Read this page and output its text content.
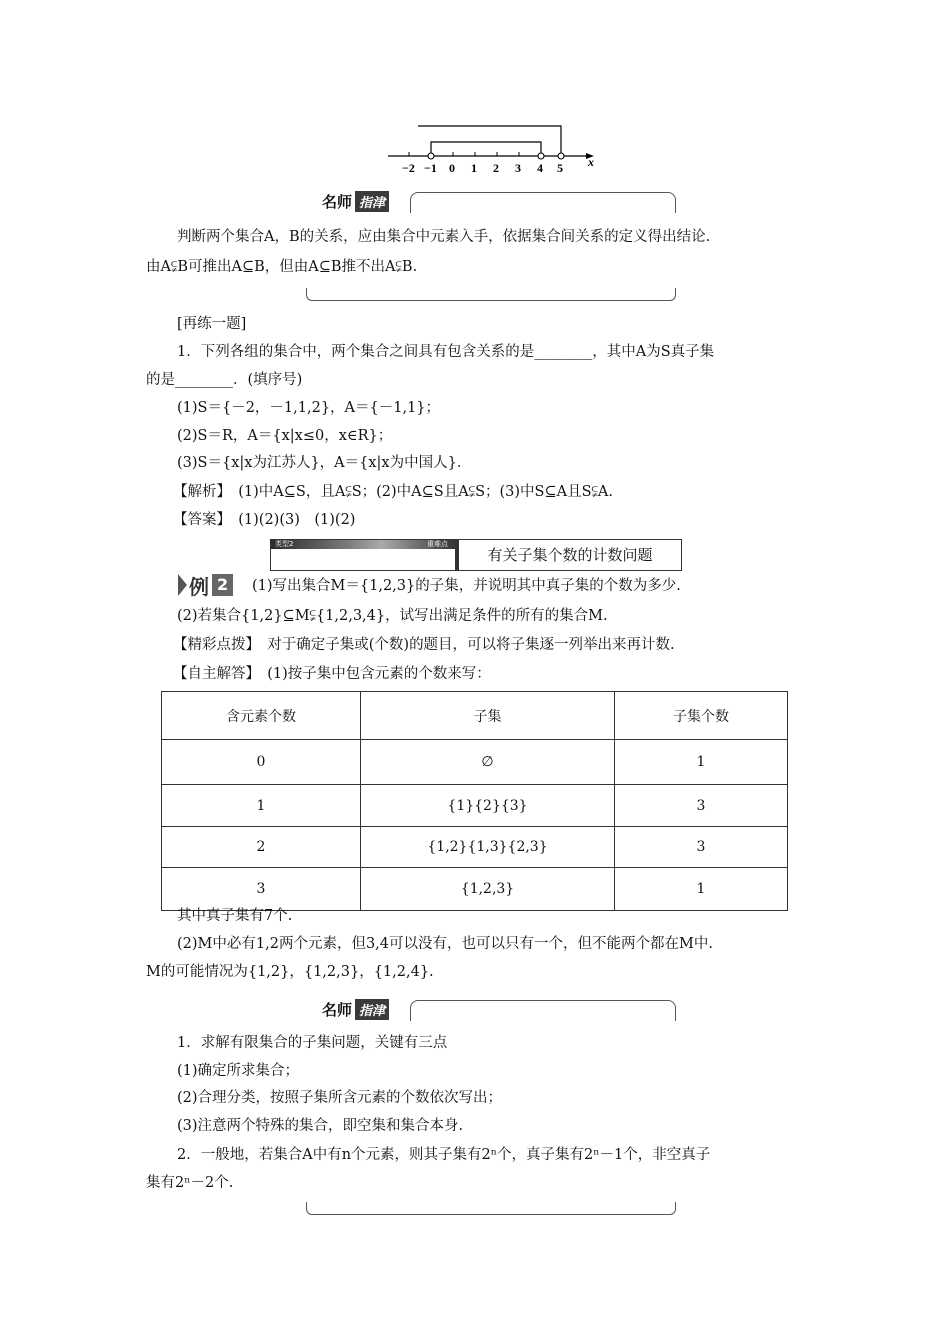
−2 −1 0 1 2 3 4 5 x
名师 指津
判断两个集合A，B的关系，应由集合中元素入手，依据集合间关系的定义得出结论.
由A⫋B可推出A⊆B，但由A⊆B推不出A⫋B.
[再练一题]
1．下列各组的集合中，两个集合之间具有包含关系的是________，其中A为S真子集
的是________．(填序号)
(1)S＝{－2，－1,1,2}，A＝{－1,1}；
(2)S＝R，A＝{x|x≤0，x∈R}；
(3)S＝{x|x为江苏人}，A＝{x|x为中国人}．
【解析】　(1)中A⊆S，且A⫋S；(2)中A⊆S且A⫋S；(3)中S⊆A且S⫋A.
【答案】　(1)(2)(3)　(1)(2)
类型2	重难点
有关子集个数的计数问题
例 2	(1)写出集合M＝{1,2,3}的子集，并说明其中真子集的个数为多少.
(2)若集合{1,2}⊆M⫋{1,2,3,4}，试写出满足条件的所有的集合M.
【精彩点拨】　对于确定子集或(个数)的题目，可以将子集逐一列举出来再计数.
【自主解答】　(1)按子集中包含元素的个数来写：
含元素个数	子集	子集个数
0	∅	1
1	{1}{2}{3}	3
2	{1,2}{1,3}{2,3}	3
3	{1,2,3}	1
其中真子集有7个.
(2)M中必有1,2两个元素，但3,4可以没有，也可以只有一个，但不能两个都在M中.
M的可能情况为{1,2}，{1,2,3}，{1,2,4}.
名师 指津
1．求解有限集合的子集问题，关键有三点
(1)确定所求集合；
(2)合理分类，按照子集所含元素的个数依次写出；
(3)注意两个特殊的集合，即空集和集合本身.
2．一般地，若集合A中有n个元素，则其子集有2ⁿ个，真子集有2ⁿ－1个，非空真子
集有2ⁿ－2个.
